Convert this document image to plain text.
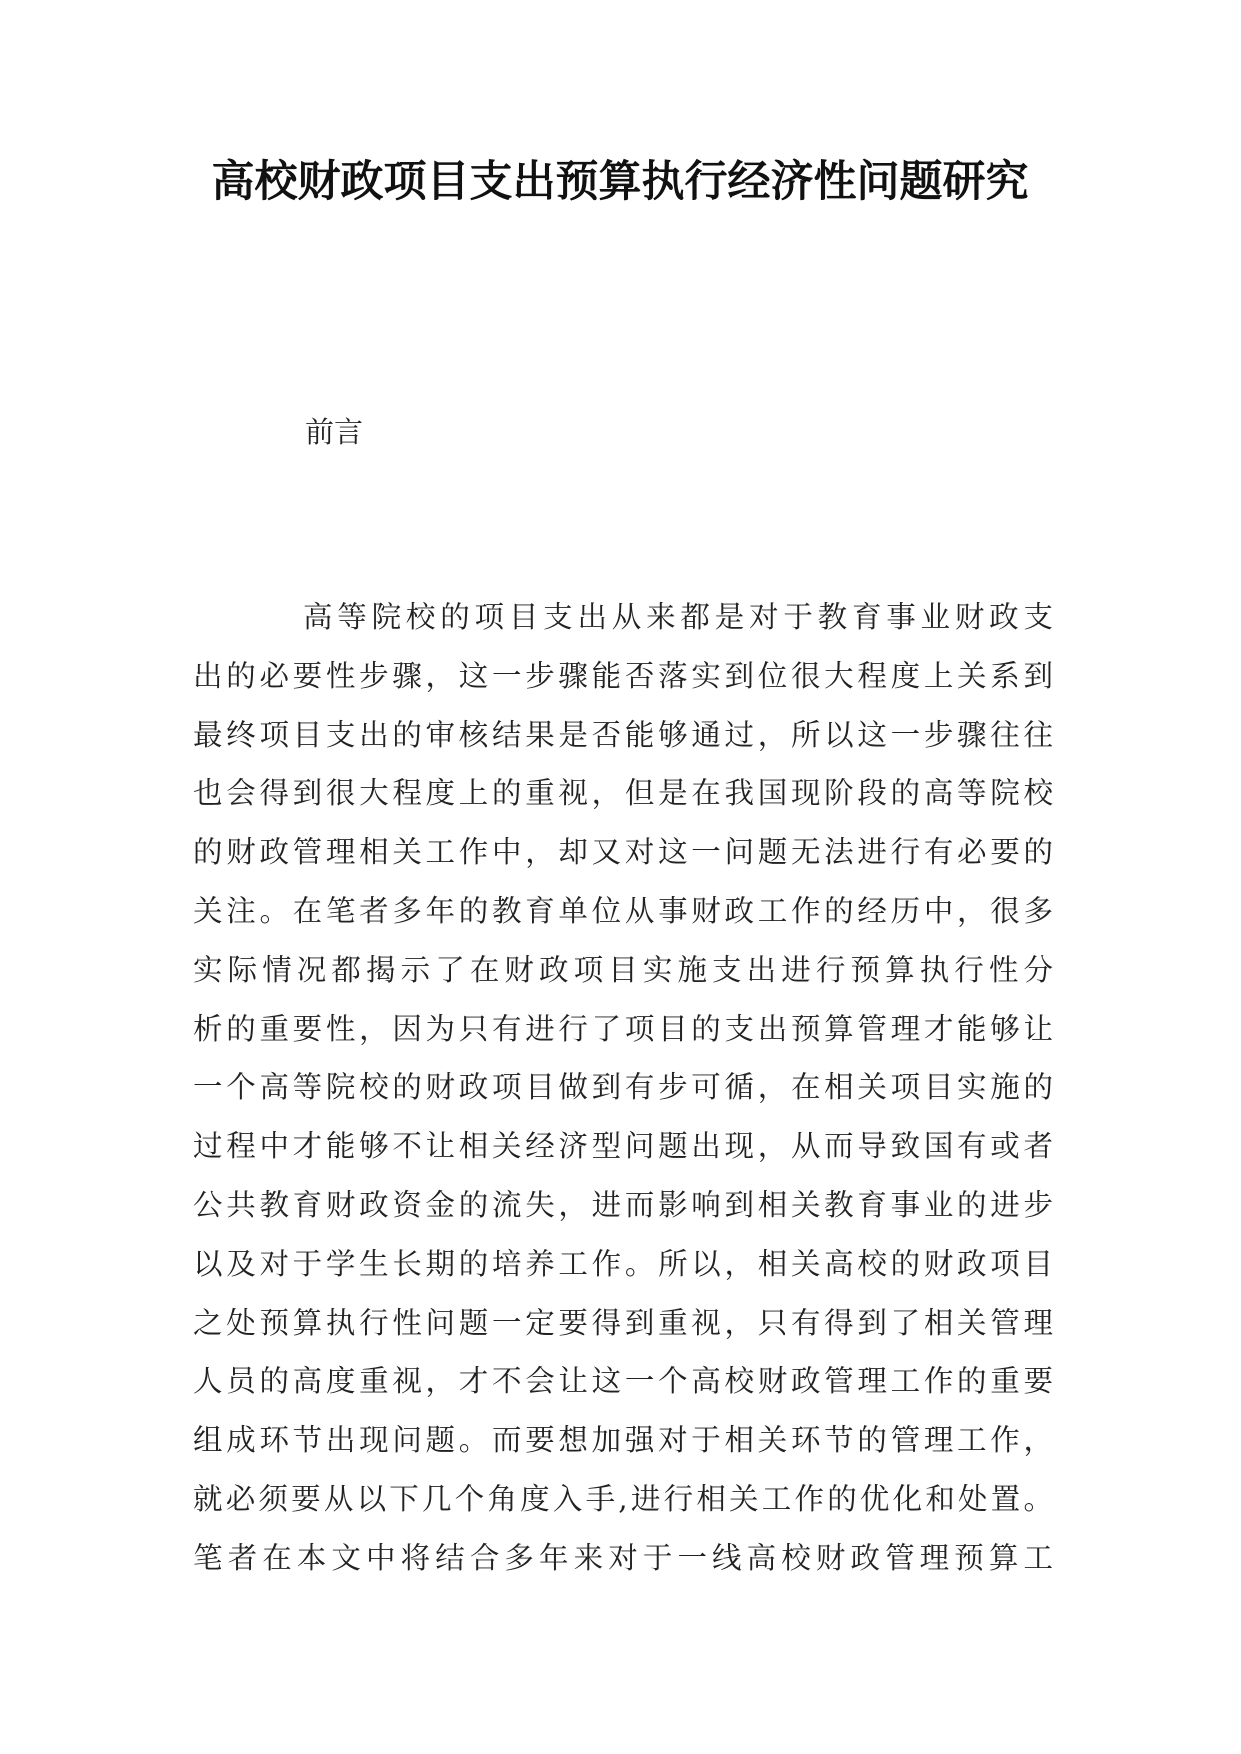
高校财政项目支出预算执行经济性问题研究
前言
高等院校的项目支出从来都是对于教育事业财政支
出的必要性步骤，这一步骤能否落实到位很大程度上关系到
最终项目支出的审核结果是否能够通过，所以这一步骤往往
也会得到很大程度上的重视，但是在我国现阶段的高等院校
的财政管理相关工作中，却又对这一问题无法进行有必要的
关注。在笔者多年的教育单位从事财政工作的经历中，很多
实际情况都揭示了在财政项目实施支出进行预算执行性分
析的重要性，因为只有进行了项目的支出预算管理才能够让
一个高等院校的财政项目做到有步可循，在相关项目实施的
过程中才能够不让相关经济型问题出现，从而导致国有或者
公共教育财政资金的流失，进而影响到相关教育事业的进步
以及对于学生长期的培养工作。所以，相关高校的财政项目
之处预算执行性问题一定要得到重视，只有得到了相关管理
人员的高度重视，才不会让这一个高校财政管理工作的重要
组成环节出现问题。而要想加强对于相关环节的管理工作，
就必须要从以下几个角度入手,进行相关工作的优化和处置。
笔者在本文中将结合多年来对于一线高校财政管理预算工
